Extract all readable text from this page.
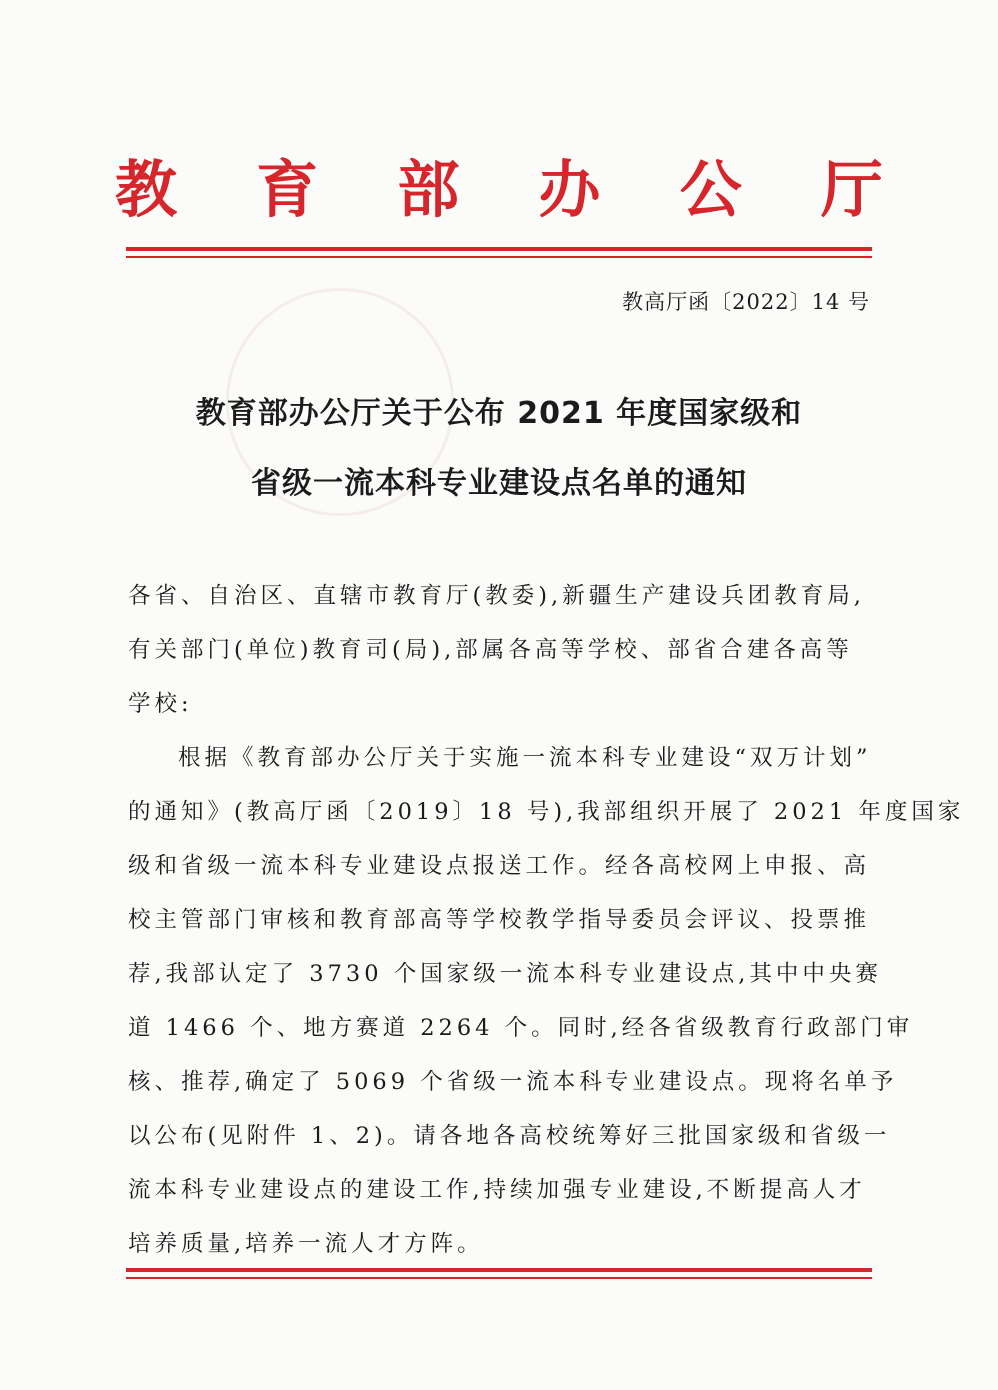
教 育 部 办 公 厅
教高厅函〔2022〕14 号
教育部办公厅关于公布 2021 年度国家级和
省级一流本科专业建设点名单的通知
各省、自治区、直辖市教育厅(教委),新疆生产建设兵团教育局,
有关部门(单位)教育司(局),部属各高等学校、部省合建各高等
学校:
根据《教育部办公厅关于实施一流本科专业建设“双万计划”
的通知》(教高厅函〔2019〕18 号),我部组织开展了 2021 年度国家
级和省级一流本科专业建设点报送工作。经各高校网上申报、高
校主管部门审核和教育部高等学校教学指导委员会评议、投票推
荐,我部认定了 3730 个国家级一流本科专业建设点,其中中央赛
道 1466 个、地方赛道 2264 个。同时,经各省级教育行政部门审
核、推荐,确定了 5069 个省级一流本科专业建设点。现将名单予
以公布(见附件 1、2)。请各地各高校统筹好三批国家级和省级一
流本科专业建设点的建设工作,持续加强专业建设,不断提高人才
培养质量,培养一流人才方阵。
